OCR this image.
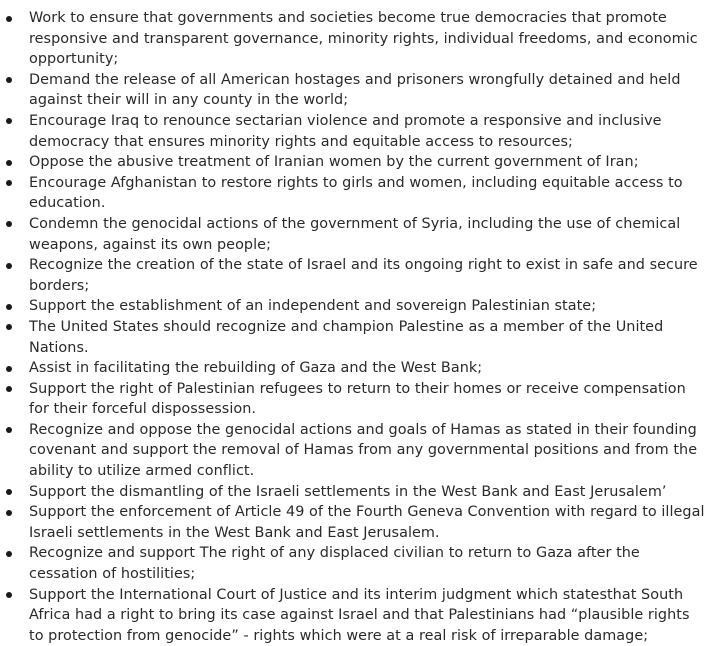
Work to ensure that governments and societies become true democracies that promote responsive and transparent governance, minority rights, individual freedoms, and economic opportunity;
Demand the release of all American hostages and prisoners wrongfully detained and held against their will in any county in the world;
Encourage Iraq to renounce sectarian violence and promote a responsive and inclusive democracy that ensures minority rights and equitable access to resources;
Oppose the abusive treatment of Iranian women by the current government of Iran;
Encourage Afghanistan to restore rights to girls and women, including equitable access to education.
Condemn the genocidal actions of the government of Syria, including the use of chemical weapons, against its own people;
Recognize the creation of the state of Israel and its ongoing right to exist in safe and secure borders;
Support the establishment of an independent and sovereign Palestinian state;
The United States should recognize and champion Palestine as a member of the United Nations.
Assist in facilitating the rebuilding of Gaza and the West Bank;
Support the right of Palestinian refugees to return to their homes or receive compensation for their forceful dispossession.
Recognize and oppose the genocidal actions and goals of Hamas as stated in their founding covenant and support the removal of Hamas from any governmental positions and from the ability to utilize armed conflict.
Support the dismantling of the Israeli settlements in the West Bank and East Jerusalem’
Support the enforcement of Article 49 of the Fourth Geneva Convention with regard to illegal Israeli settlements in the West Bank and East Jerusalem.
Recognize and support The right of any displaced civilian to return to Gaza after the cessation of hostilities;
Support the International Court of Justice and its interim judgment which statesthat South Africa had a right to bring its case against Israel and that Palestinians had “plausible rights to protection from genocide” - rights which were at a real risk of irreparable damage;
